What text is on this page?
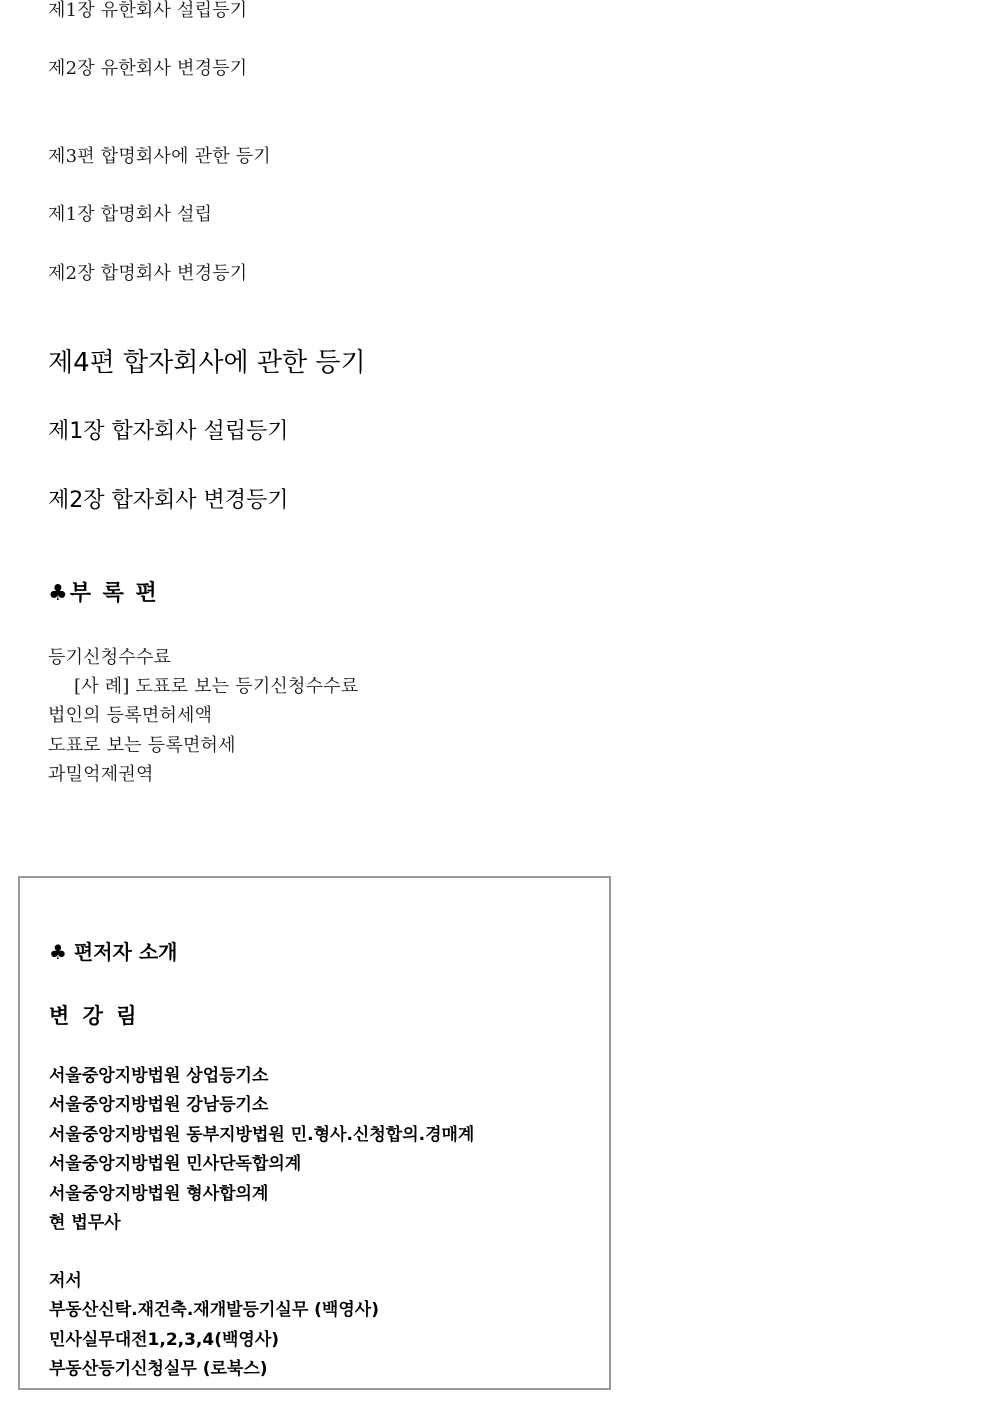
제1장 유한회사 설립등기

제2장 유한회사 변경등기

제3편 합명회사에 관한 등기

제1장 합명회사 설립

제2장 합명회사 변경등기

제4편 합자회사에 관한 등기

제1장 합자회사 설립등기

제2장 합자회사 변경등기

♣부 록 편

등기신청수수료

[사 례] 도표로 보는 등기신청수수료

법인의 등록면허세액

도표로 보는 등록면허세

과밀억제권역

♣ 편저자 소개

변 강 림

서울중앙지방법원 상업등기소

서울중앙지방법원 강남등기소

서울중앙지방법원 동부지방법원 민.형사.신청합의.경매계

서울중앙지방법원 민사단독합의계

서울중앙지방법원 형사합의계

현 법무사

저서

부동산신탁.재건축.재개발등기실무 (백영사)

민사실무대전1,2,3,4(백영사)

부동산등기신청실무 (로북스)
